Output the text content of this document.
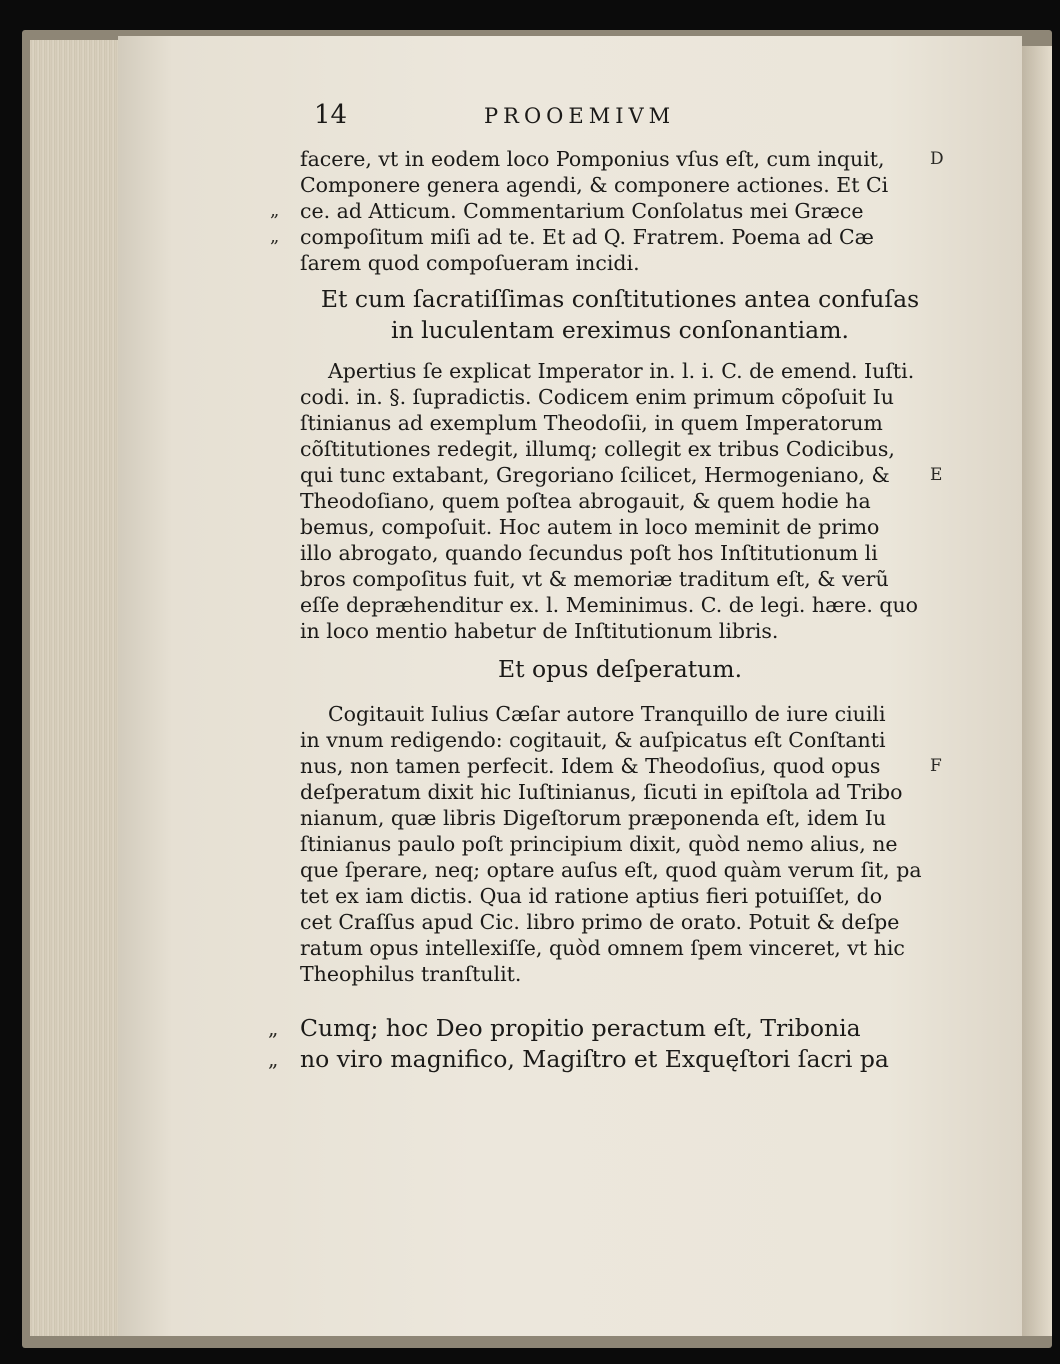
14	PROOEMIVM
facere, vt in eodem loco Pomponius vſus eſt, cum inquit,	D
Componere genera agendi, & componere actiones. Et Ci
„ ce. ad Atticum. Commentarium Conſolatus mei Græce
„ compoſitum miſi ad te. Et ad Q. Fratrem. Poema ad Cæ
ſarem quod compoſueram incidi.
Et cum ſacratiſſimas conſtitutiones antea confuſas
in luculentam ereximus conſonantiam.
Apertius ſe explicat Imperator in. l. i. C. de emend. Iuſti.
codi. in. §. ſupradictis. Codicem enim primum cõpoſuit Iu
ſtinianus ad exemplum Theodoſii, in quem Imperatorum
cõſtitutiones redegit, illumq; collegit ex tribus Codicibus,
qui tunc extabant, Gregoriano ſcilicet, Hermogeniano, & E
Theodoſiano, quem poſtea abrogauit, & quem hodie ha
bemus, compoſuit. Hoc autem in loco meminit de primo
illo abrogato, quando ſecundus poſt hos Inſtitutionum li
bros compoſitus fuit, vt & memoriæ traditum eſt, & verũ
eſſe depræhenditur ex. l. Meminimus. C. de legi. hære. quo
in loco mentio habetur de Inſtitutionum libris.
Et opus deſperatum.
Cogitauit Iulius Cæſar autore Tranquillo de iure ciuili
in vnum redigendo: cogitauit, & auſpicatus eſt Conſtanti
nus, non tamen perfecit. Idem & Theodoſius, quod opus	F
deſperatum dixit hic Iuſtinianus, ſicuti in epiſtola ad Tribo
nianum, quæ libris Digeſtorum præponenda eſt, idem Iu
ſtinianus paulo poſt principium dixit, quòd nemo alius, ne
que ſperare, neq; optare auſus eſt, quod quàm verum ſit, pa
tet ex iam dictis. Qua id ratione aptius fieri potuiſſet, do
cet Craſſus apud Cic. libro primo de orato. Potuit & deſpe
ratum opus intellexiſſe, quòd omnem ſpem vinceret, vt hic
Theophilus tranſtulit.
„ Cumq; hoc Deo propitio peractum eſt, Tribonia
„ no viro magnifico, Magiſtro et Exquęſtori ſacri pa
